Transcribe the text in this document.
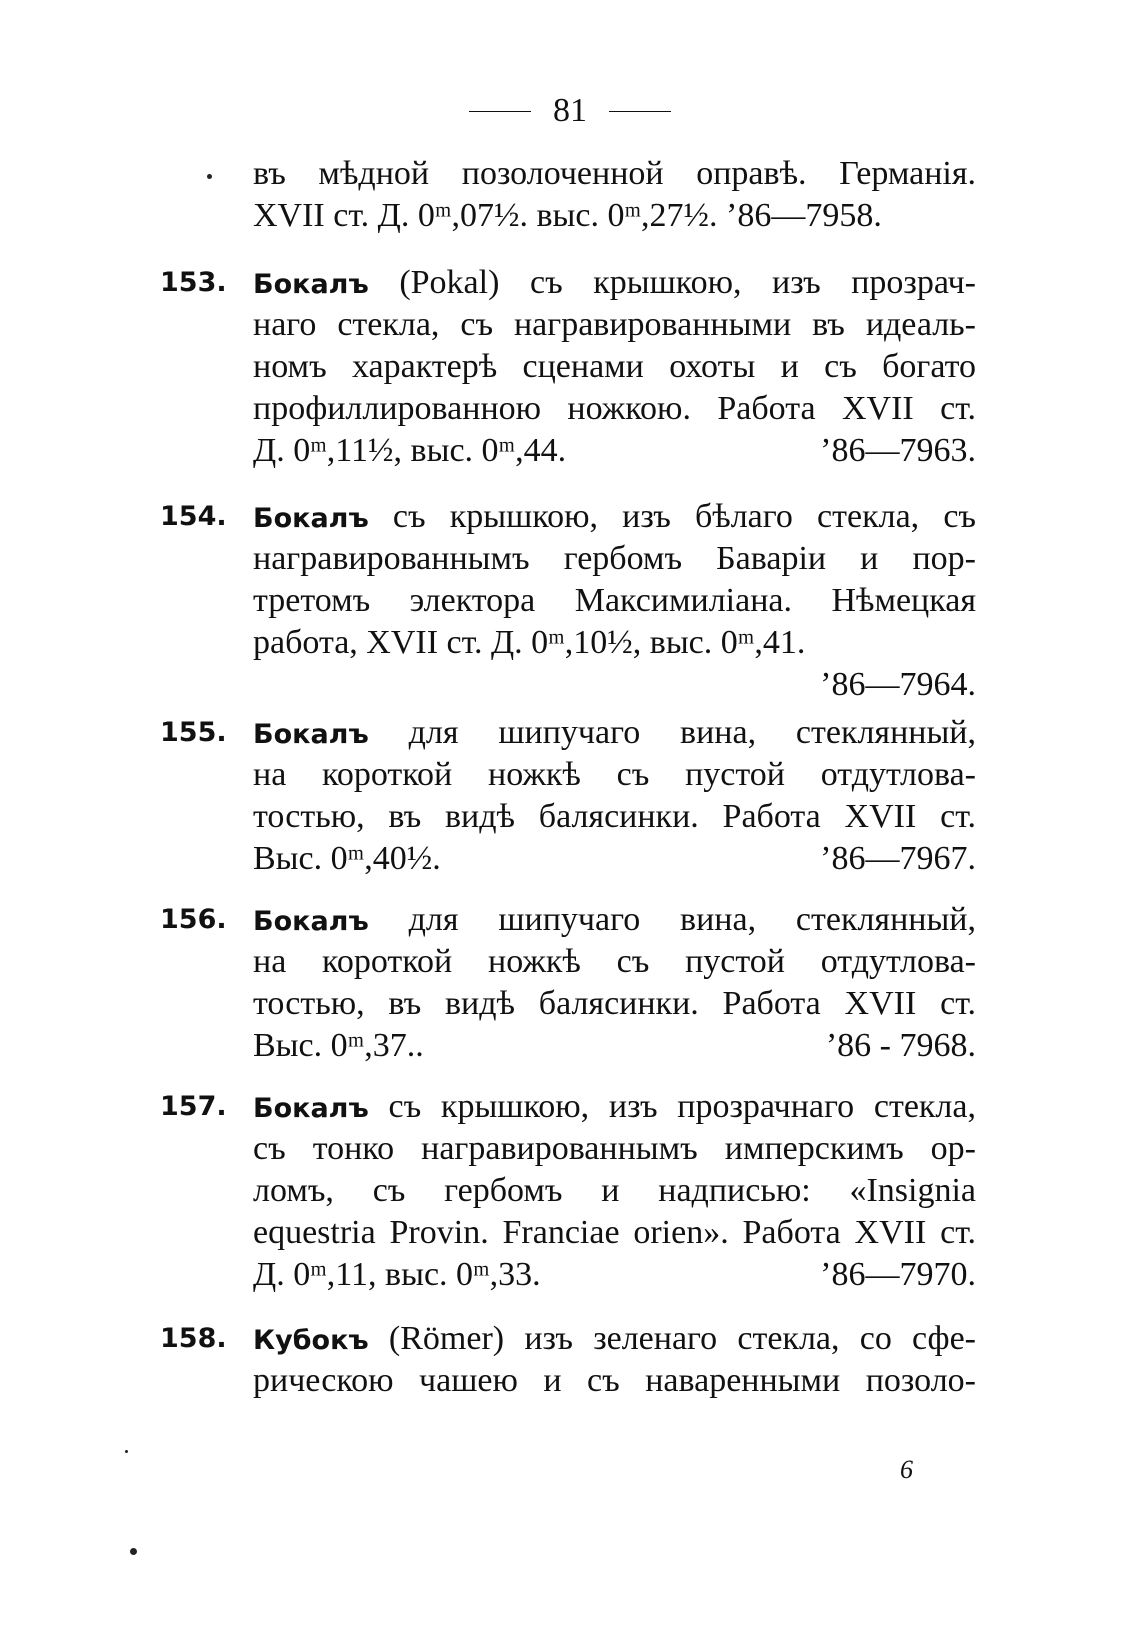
81
въ мѣдной позолоченной оправѣ. Германія.
XVII ст. Д. 0ᵐ,07½. выс. 0ᵐ,27½. ’86—7958.
153. Бокалъ (Pokal) съ крышкою, изъ прозрач-
наго стекла, съ награвированными въ идеаль-
номъ характерѣ сценами охоты и съ богато
профиллированною ножкою. Работа XVII ст.
Д. 0ᵐ,11½, выс. 0ᵐ,44.	’86—7963.
154. Бокалъ съ крышкою, изъ бѣлаго стекла, съ
награвированнымъ гербомъ Баваріи и пор-
третомъ электора Максимиліана. Нѣмецкая
работа, XVII ст. Д. 0ᵐ,10½, выс. 0ᵐ,41.
’86—7964.
155. Бокалъ для шипучаго вина, стеклянный,
на короткой ножкѣ съ пустой отдутлова-
тостью, въ видѣ балясинки. Работа XVII ст.
Выс. 0ᵐ,40½.	’86—7967.
156. Бокалъ для шипучаго вина, стеклянный,
на короткой ножкѣ съ пустой отдутлова-
тостью, въ видѣ балясинки. Работа XVII ст.
Выс. 0ᵐ,37..	’86 - 7968.
157. Бокалъ съ крышкою, изъ прозрачнаго стекла,
съ тонко награвированнымъ имперскимъ ор-
ломъ, съ гербомъ и надписью: «Insignia
equestria Provin. Franciae orien». Работа XVII ст.
Д. 0ᵐ,11, выс. 0ᵐ,33.	’86—7970.
158. Кубокъ (Römer) изъ зеленаго стекла, со сфе-
рическою чашею и съ наваренными позоло-
6
